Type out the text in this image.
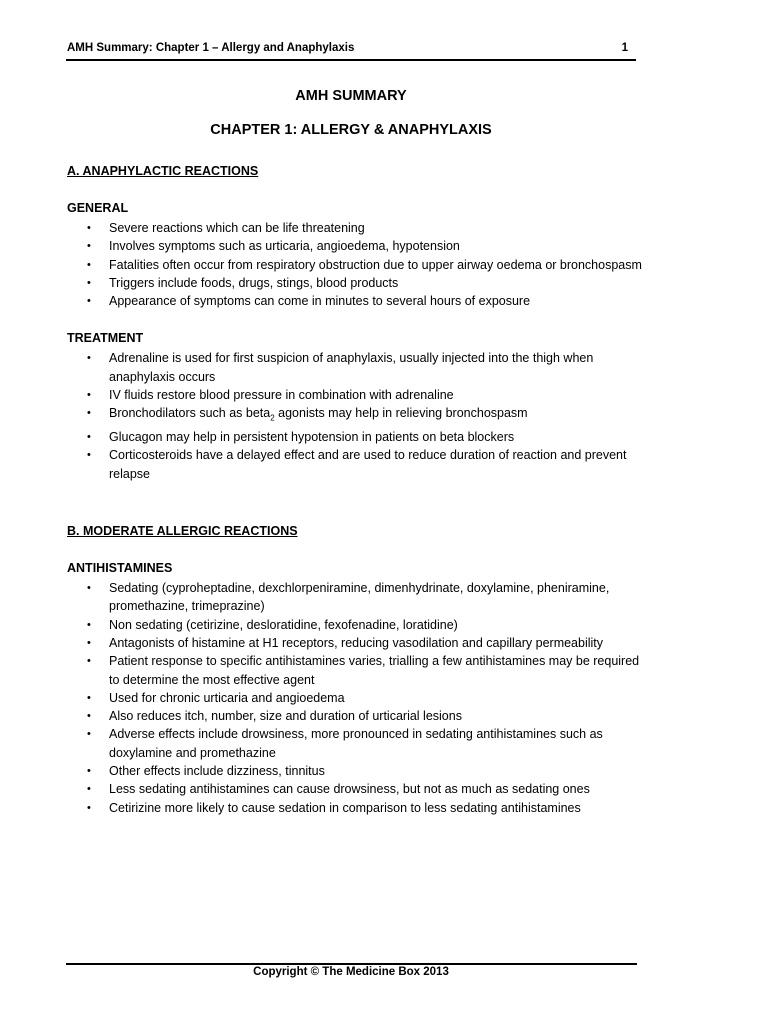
AMH Summary: Chapter 1 – Allergy and Anaphylaxis	1
AMH SUMMARY
CHAPTER 1: ALLERGY & ANAPHYLAXIS

A. ANAPHYLACTIC REACTIONS

GENERAL

• Severe reactions which can be life threatening
• Involves symptoms such as urticaria, angioedema, hypotension
• Fatalities often occur from respiratory obstruction due to upper airway oedema or bronchospasm
• Triggers include foods, drugs, stings, blood products
• Appearance of symptoms can come in minutes to several hours of exposure

TREATMENT

• Adrenaline is used for first suspicion of anaphylaxis, usually injected into the thigh when anaphylaxis occurs
• IV fluids restore blood pressure in combination with adrenaline
• Bronchodilators such as beta$_2$ agonists may help in relieving bronchospasm
• Glucagon may help in persistent hypotension in patients on beta blockers
• Corticosteroids have a delayed effect and are used to reduce duration of reaction and prevent relapse

B. MODERATE ALLERGIC REACTIONS

ANTIHISTAMINES

• Sedating (cyproheptadine, dexchlorpeniramine, dimenhydrinate, doxylamine, pheniramine, promethazine, trimeprazine)
• Non sedating (cetirizine, desloratidine, fexofenadine, loratidine)
• Antagonists of histamine at H1 receptors, reducing vasodilation and capillary permeability
• Patient response to specific antihistamines varies, trialling a few antihistamines may be required to determine the most effective agent
• Used for chronic urticaria and angioedema
• Also reduces itch, number, size and duration of urticarial lesions
• Adverse effects include drowsiness, more pronounced in sedating antihistamines such as doxylamine and promethazine
• Other effects include dizziness, tinnitus
• Less sedating antihistamines can cause drowsiness, but not as much as sedating ones
• Cetirizine more likely to cause sedation in comparison to less sedating antihistamines
Copyright © The Medicine Box 2013
